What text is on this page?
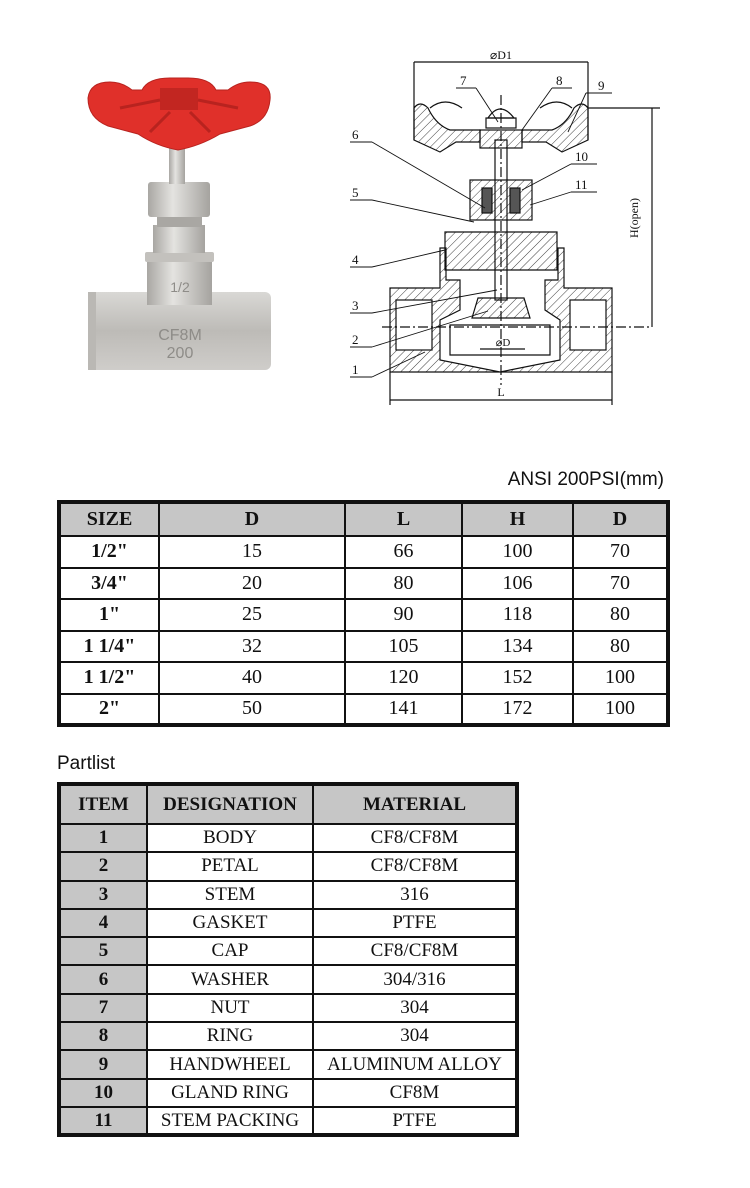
1/2
CF8M
200
⌀D1
⌀D
L
H(open)
1
2
3
4
5
6
7	8	9
10
11
ANSI 200PSI(mm)
SIZE	D	L	H	D
1/2"	15	66	100	70
3/4"	20	80	106	70
1"	25	90	118	80
1 1/4"	32	105	134	80
1 1/2"	40	120	152	100
2"	50	141	172	100
Partlist
ITEM	DESIGNATION	MATERIAL
1	BODY	CF8/CF8M
2	PETAL	CF8/CF8M
3	STEM	316
4	GASKET	PTFE
5	CAP	CF8/CF8M
6	WASHER	304/316
7	NUT	304
8	RING	304
9	HANDWHEEL	ALUMINUM ALLOY
10	GLAND RING	CF8M
11	STEM PACKING	PTFE
